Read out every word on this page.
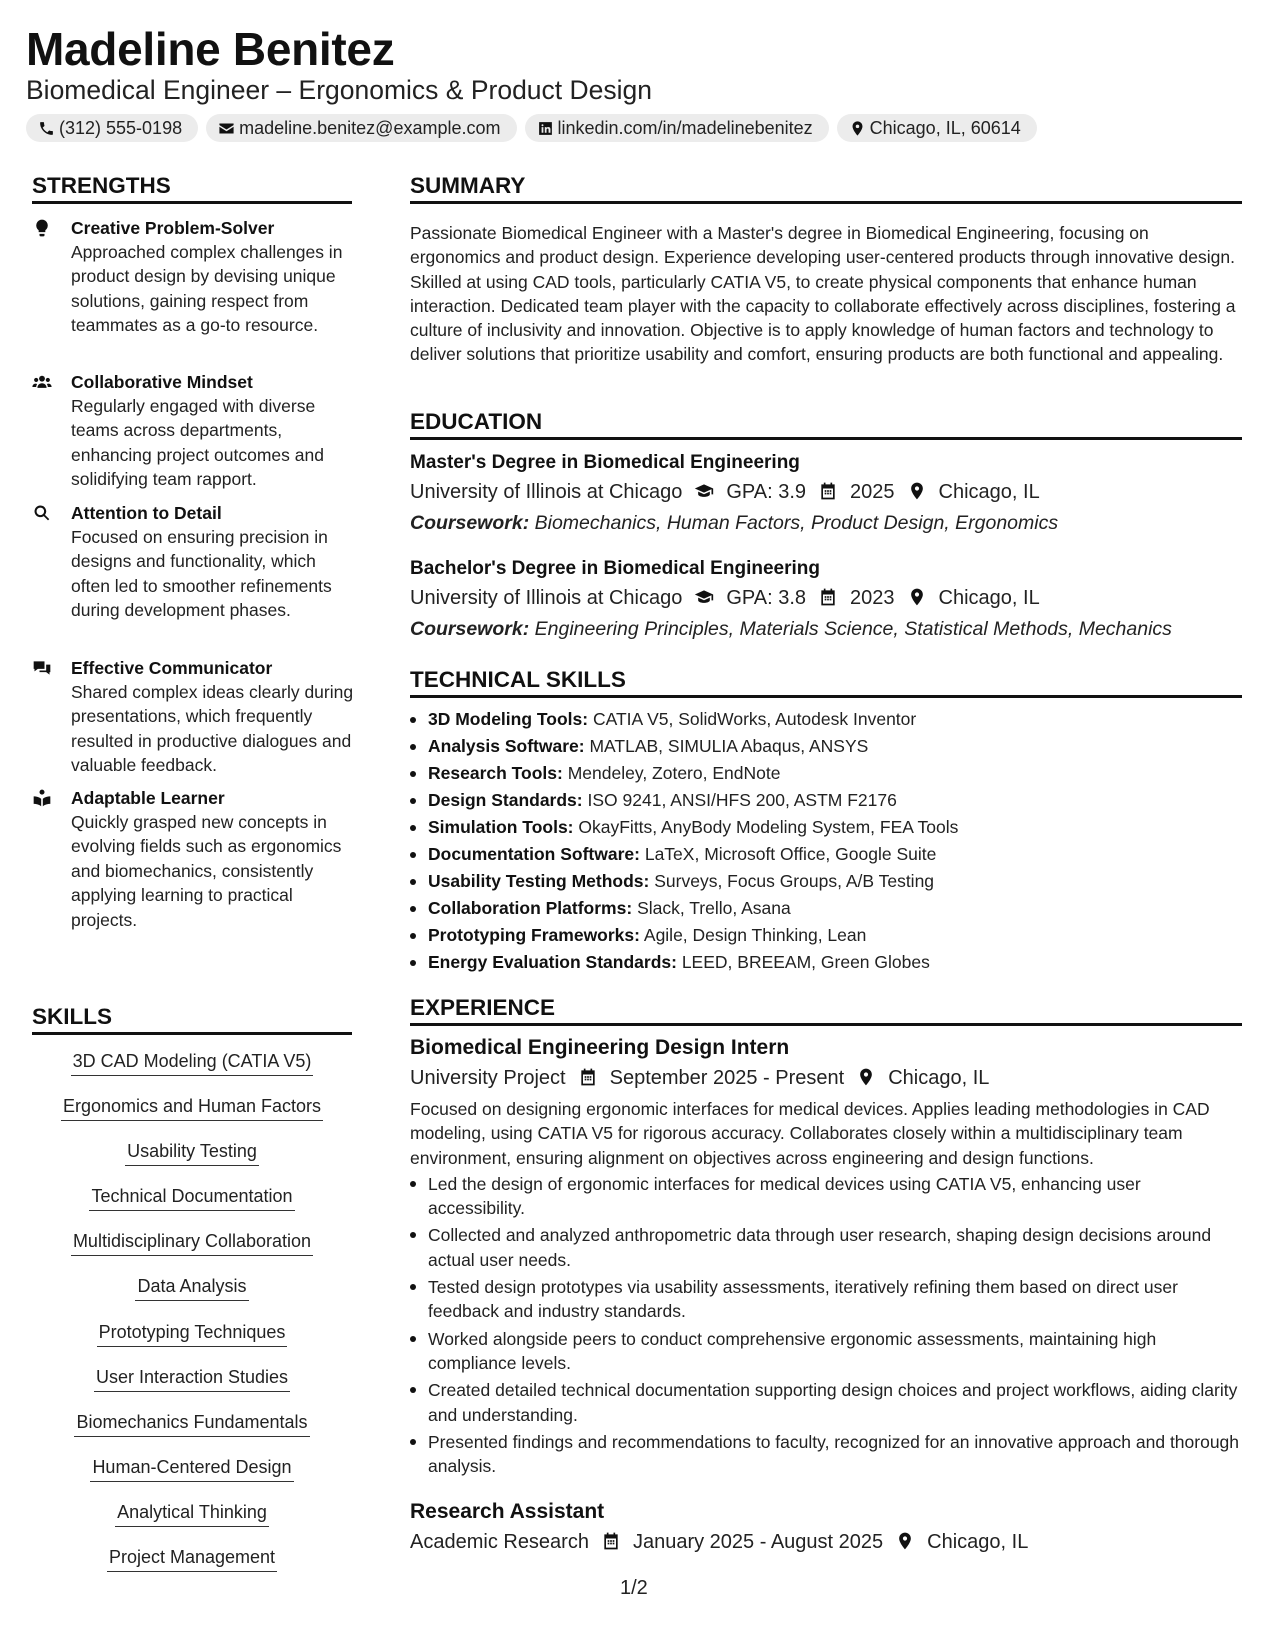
Madeline Benitez
Biomedical Engineer – Ergonomics & Product Design
(312) 555-0198	madeline.benitez@example.com	linkedin.com/in/madelinebenitez	Chicago, IL, 60614
STRENGTHS
Creative Problem-Solver
Approached complex challenges in product design by devising unique solutions, gaining respect from teammates as a go-to resource.
Collaborative Mindset
Regularly engaged with diverse teams across departments, enhancing project outcomes and solidifying team rapport.
Attention to Detail
Focused on ensuring precision in designs and functionality, which often led to smoother refinements during development phases.
Effective Communicator
Shared complex ideas clearly during presentations, which frequently resulted in productive dialogues and valuable feedback.
Adaptable Learner
Quickly grasped new concepts in evolving fields such as ergonomics and biomechanics, consistently applying learning to practical projects.
SKILLS
3D CAD Modeling (CATIA V5)
Ergonomics and Human Factors
Usability Testing
Technical Documentation
Multidisciplinary Collaboration
Data Analysis
Prototyping Techniques
User Interaction Studies
Biomechanics Fundamentals
Human-Centered Design
Analytical Thinking
Project Management
SUMMARY
Passionate Biomedical Engineer with a Master's degree in Biomedical Engineering, focusing on ergonomics and product design. Experience developing user-centered products through innovative design. Skilled at using CAD tools, particularly CATIA V5, to create physical components that enhance human interaction. Dedicated team player with the capacity to collaborate effectively across disciplines, fostering a culture of inclusivity and innovation. Objective is to apply knowledge of human factors and technology to deliver solutions that prioritize usability and comfort, ensuring products are both functional and appealing.
EDUCATION
Master's Degree in Biomedical Engineering
University of Illinois at Chicago GPA: 3.9 2025 Chicago, IL
Coursework: Biomechanics, Human Factors, Product Design, Ergonomics
Bachelor's Degree in Biomedical Engineering
University of Illinois at Chicago GPA: 3.8 2023 Chicago, IL
Coursework: Engineering Principles, Materials Science, Statistical Methods, Mechanics
TECHNICAL SKILLS
3D Modeling Tools: CATIA V5, SolidWorks, Autodesk Inventor
Analysis Software: MATLAB, SIMULIA Abaqus, ANSYS
Research Tools: Mendeley, Zotero, EndNote
Design Standards: ISO 9241, ANSI/HFS 200, ASTM F2176
Simulation Tools: OkayFitts, AnyBody Modeling System, FEA Tools
Documentation Software: LaTeX, Microsoft Office, Google Suite
Usability Testing Methods: Surveys, Focus Groups, A/B Testing
Collaboration Platforms: Slack, Trello, Asana
Prototyping Frameworks: Agile, Design Thinking, Lean
Energy Evaluation Standards: LEED, BREEAM, Green Globes
EXPERIENCE
Biomedical Engineering Design Intern
University Project September 2025 - Present Chicago, IL
Focused on designing ergonomic interfaces for medical devices. Applies leading methodologies in CAD modeling, using CATIA V5 for rigorous accuracy. Collaborates closely within a multidisciplinary team environment, ensuring alignment on objectives across engineering and design functions.
Led the design of ergonomic interfaces for medical devices using CATIA V5, enhancing user accessibility.
Collected and analyzed anthropometric data through user research, shaping design decisions around actual user needs.
Tested design prototypes via usability assessments, iteratively refining them based on direct user feedback and industry standards.
Worked alongside peers to conduct comprehensive ergonomic assessments, maintaining high compliance levels.
Created detailed technical documentation supporting design choices and project workflows, aiding clarity and understanding.
Presented findings and recommendations to faculty, recognized for an innovative approach and thorough analysis.
Research Assistant
Academic Research January 2025 - August 2025 Chicago, IL
1/2
